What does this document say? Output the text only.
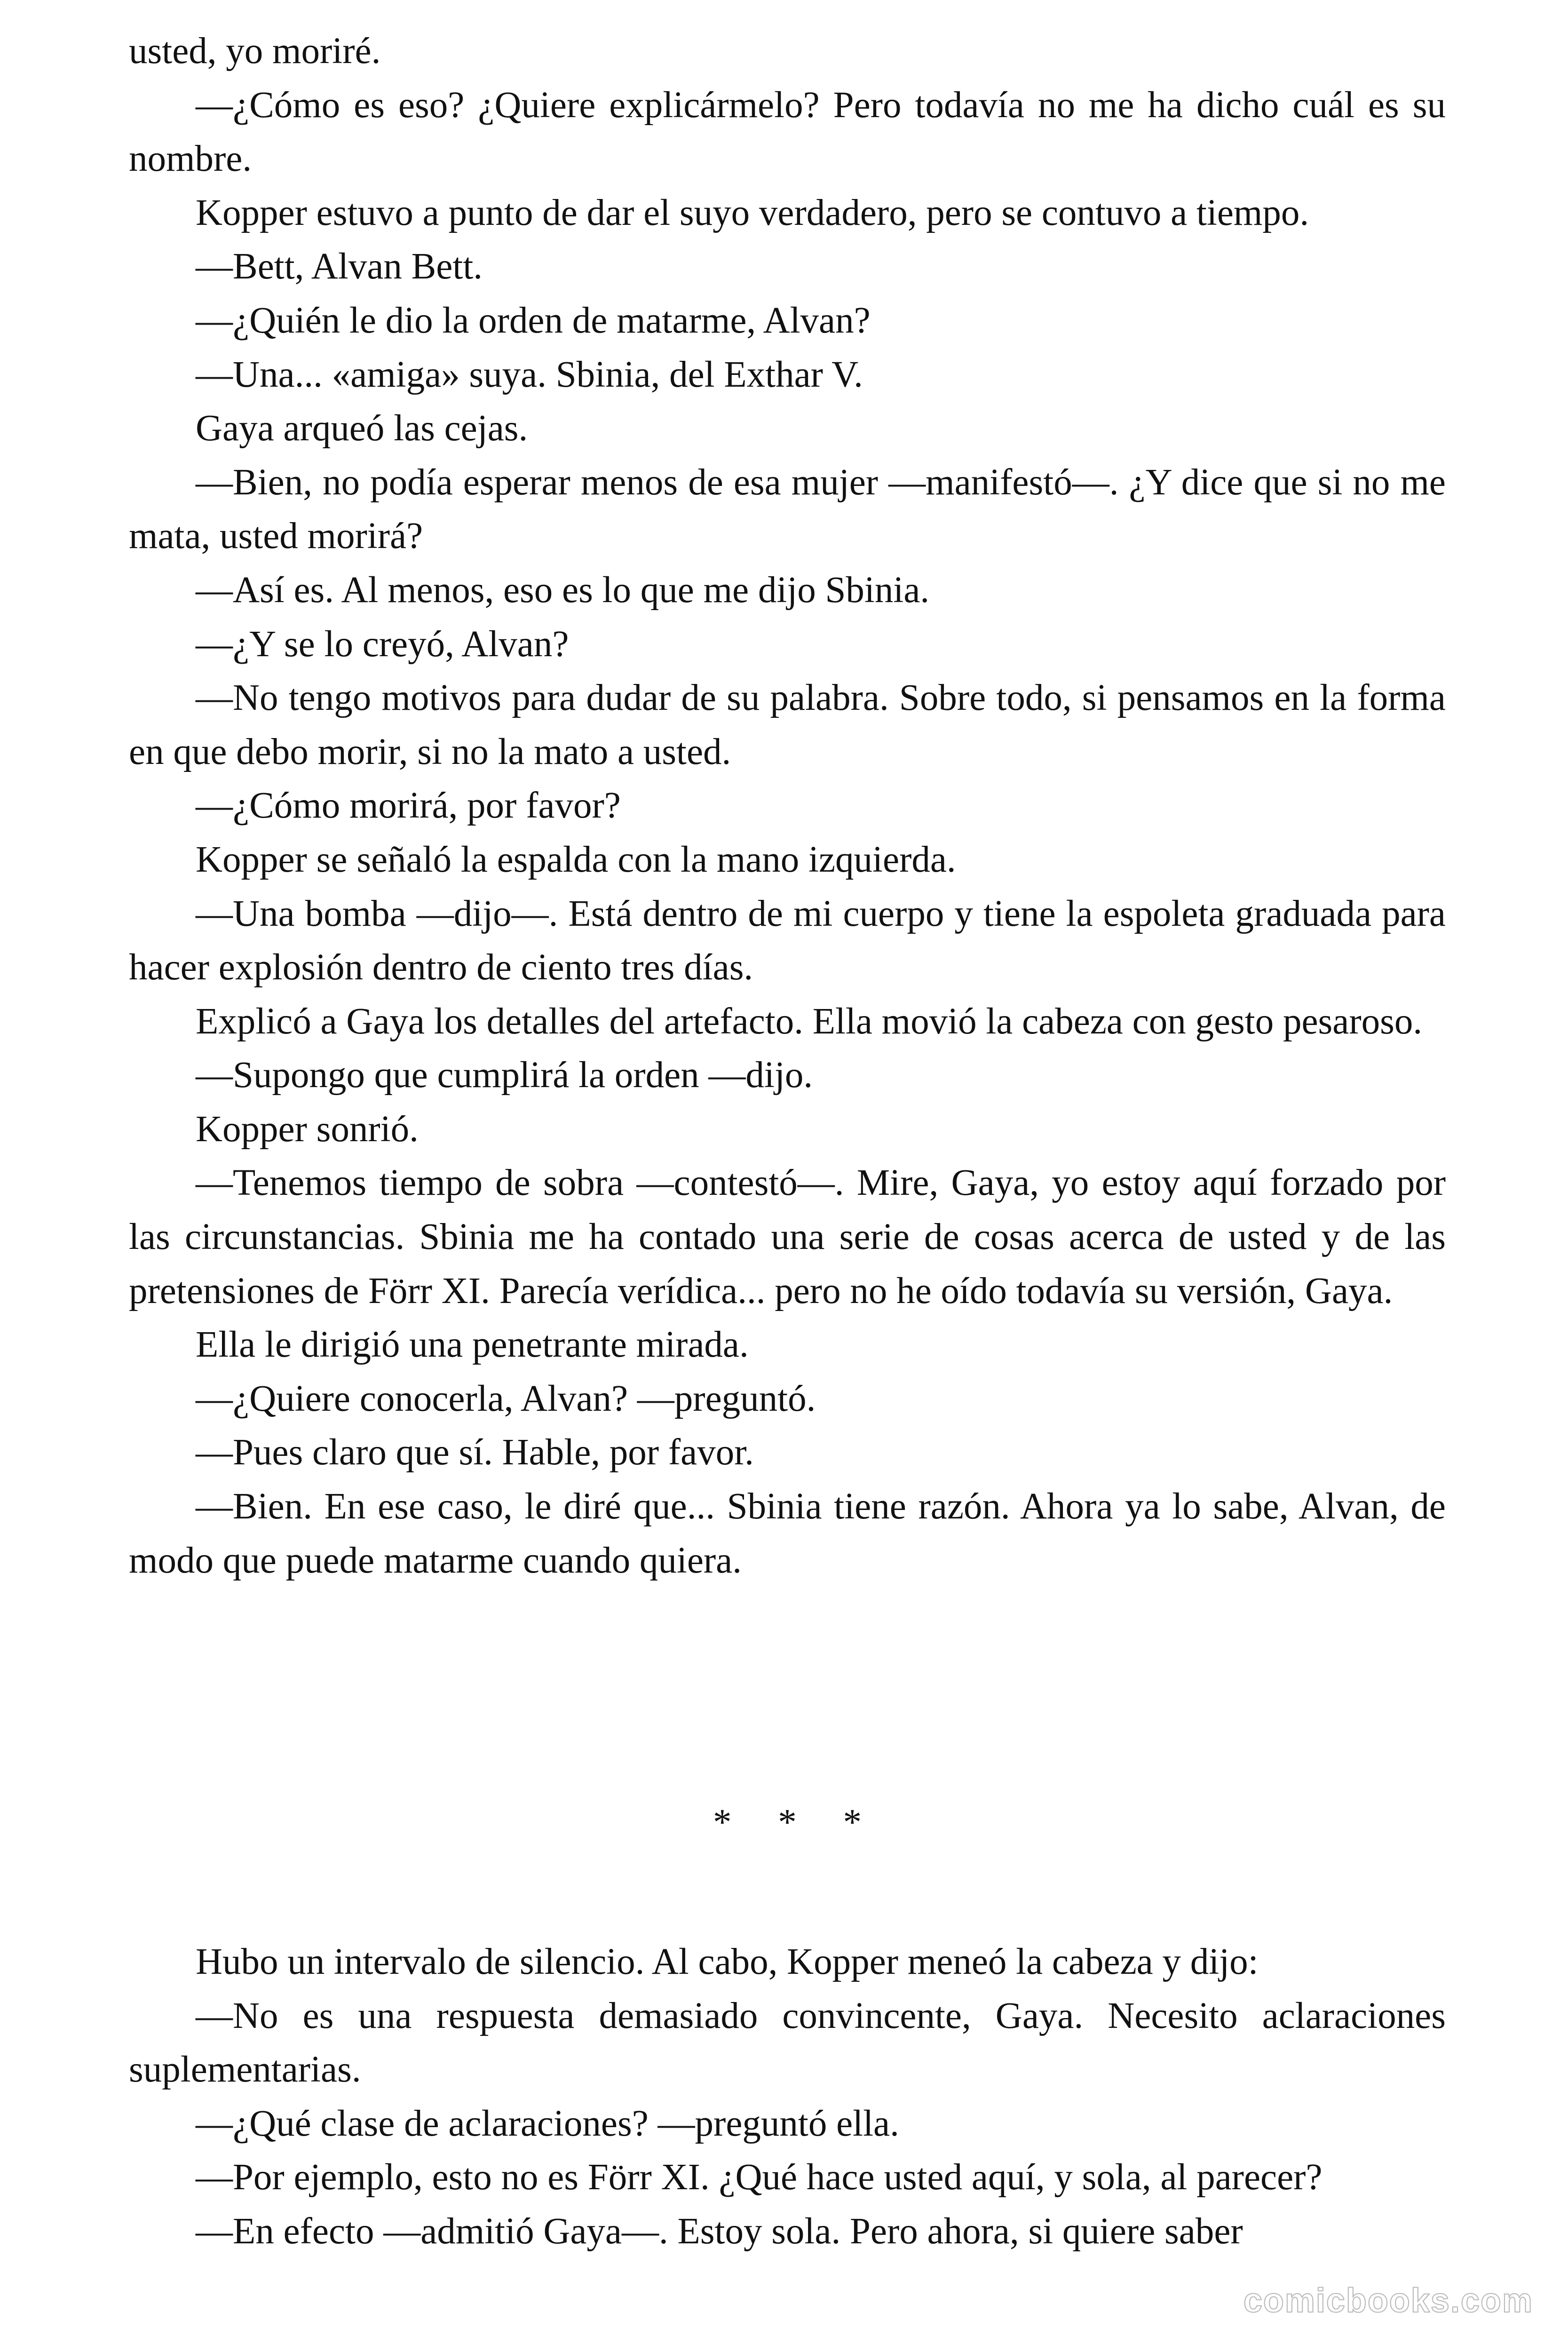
usted, yo moriré.

—¿Cómo es eso? ¿Quiere explicármelo? Pero todavía no me ha dicho cuál es su nombre.

Kopper estuvo a punto de dar el suyo verdadero, pero se contuvo a tiempo.

—Bett, Alvan Bett.

—¿Quién le dio la orden de matarme, Alvan?

—Una... «amiga» suya. Sbinia, del Exthar V.

Gaya arqueó las cejas.

—Bien, no podía esperar menos de esa mujer —manifestó—. ¿Y dice que si no me mata, usted morirá?

—Así es. Al menos, eso es lo que me dijo Sbinia.

—¿Y se lo creyó, Alvan?

—No tengo motivos para dudar de su palabra. Sobre todo, si pensamos en la forma en que debo morir, si no la mato a usted.

—¿Cómo morirá, por favor?

Kopper se señaló la espalda con la mano izquierda.

—Una bomba —dijo—. Está dentro de mi cuerpo y tiene la espoleta graduada para hacer explosión dentro de ciento tres días.

Explicó a Gaya los detalles del artefacto. Ella movió la cabeza con gesto pesaroso.

—Supongo que cumplirá la orden —dijo.

Kopper sonrió.

—Tenemos tiempo de sobra —contestó—. Mire, Gaya, yo estoy aquí forzado por las circunstancias. Sbinia me ha contado una serie de cosas acerca de usted y de las pretensiones de Förr XI. Parecía verídica... pero no he oído todavía su versión, Gaya.

Ella le dirigió una penetrante mirada.

—¿Quiere conocerla, Alvan? —preguntó.

—Pues claro que sí. Hable, por favor.

—Bien. En ese caso, le diré que... Sbinia tiene razón. Ahora ya lo sabe, Alvan, de modo que puede matarme cuando quiera.

*     *     *

Hubo un intervalo de silencio. Al cabo, Kopper meneó la cabeza y dijo:

—No es una respuesta demasiado convincente, Gaya. Necesito aclaraciones suplementarias.

—¿Qué clase de aclaraciones? —preguntó ella.

—Por ejemplo, esto no es Förr XI. ¿Qué hace usted aquí, y sola, al parecer?

—En efecto —admitió Gaya—. Estoy sola. Pero ahora, si quiere saber

comicbooks.com
